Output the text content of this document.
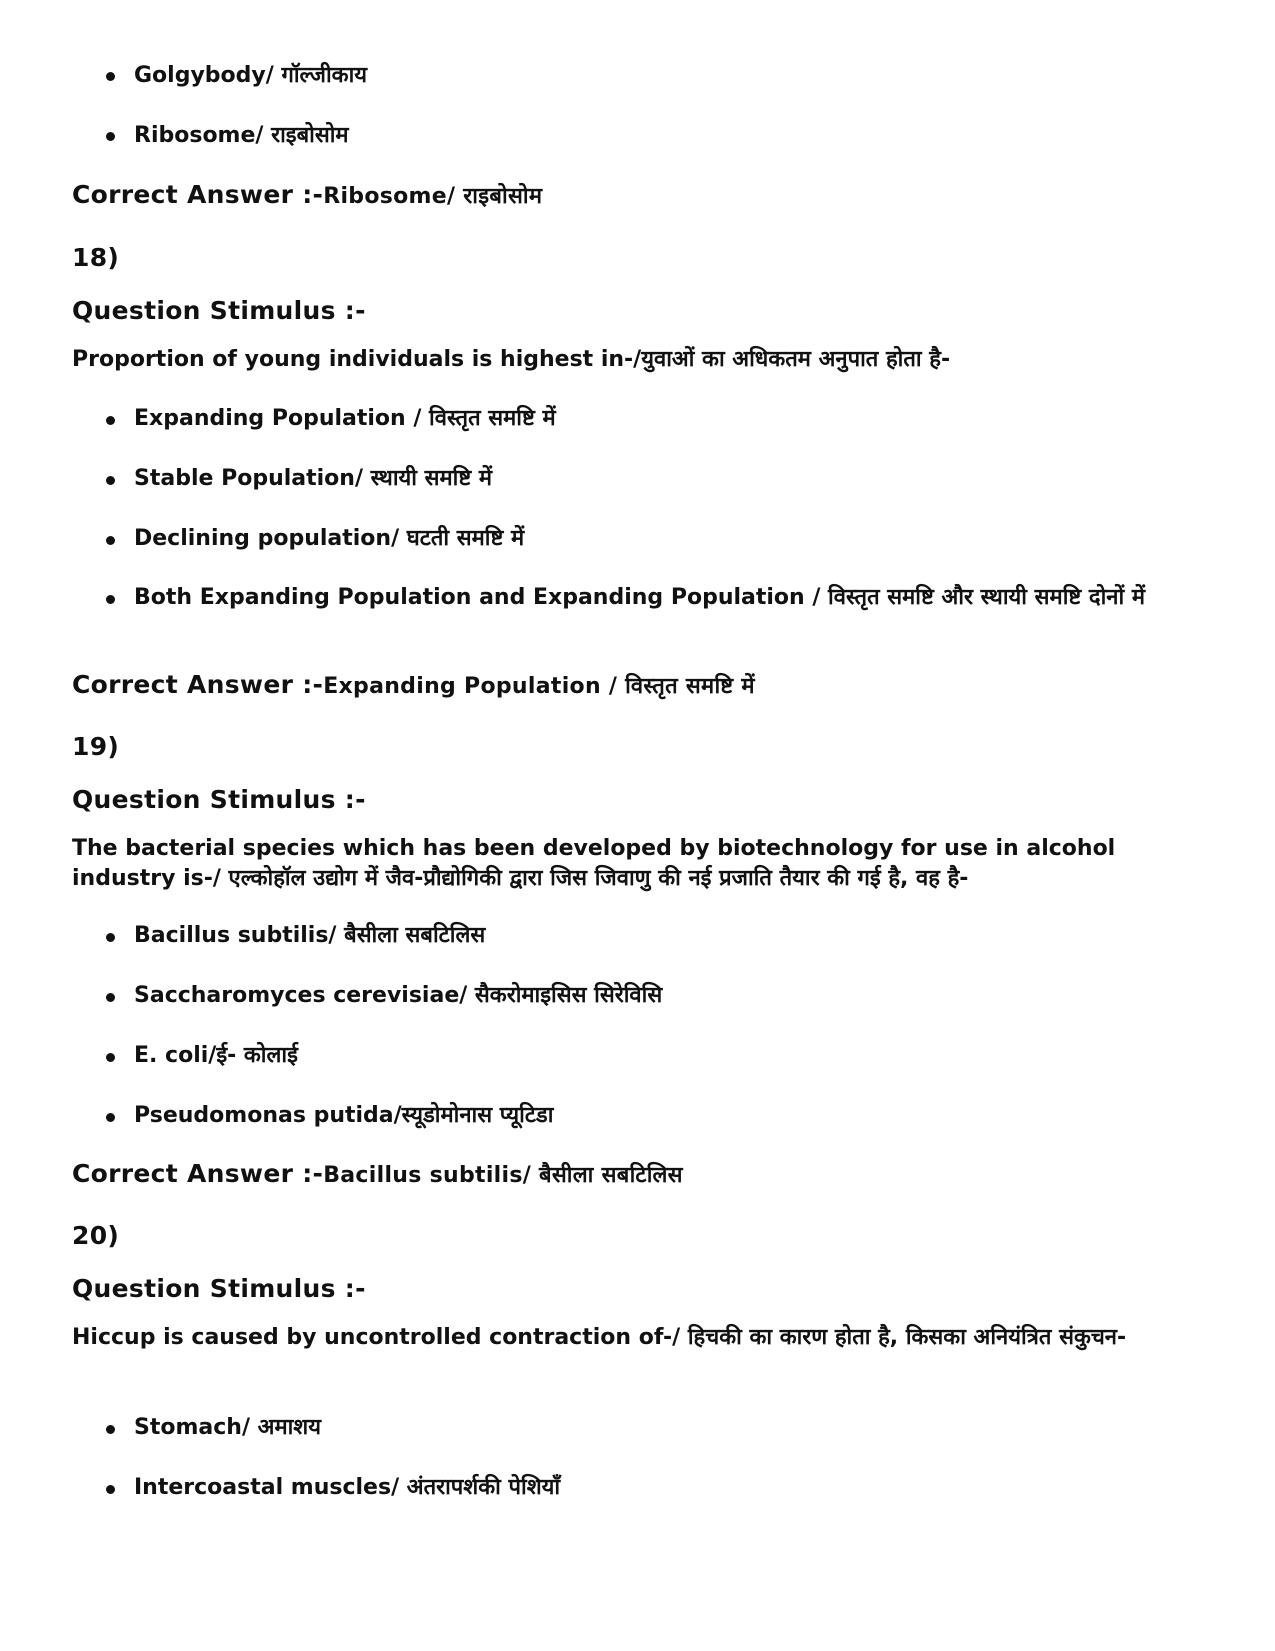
Golgybody/ गॉल्जीकाय
Ribosome/ राइबोसोम
Correct Answer :-Ribosome/ राइबोसोम
18)
Question Stimulus :-
Proportion of young individuals is highest in-/युवाओं का अधिकतम अनुपात होता है-
Expanding Population / विस्तृत समष्टि में
Stable Population/ स्थायी समष्टि में
Declining population/ घटती समष्टि में
Both Expanding Population and Expanding Population / विस्तृत समष्टि और स्थायी समष्टि दोनों में
Correct Answer :-Expanding Population / विस्तृत समष्टि में
19)
Question Stimulus :-
The bacterial species which has been developed by biotechnology for use in alcohol industry is-/ एल्कोहॉल उद्योग में जैव-प्रौद्योगिकी द्वारा जिस जिवाणु की नई प्रजाति तैयार की गई है, वह है-
Bacillus subtilis/ बैसीला सबटिलिस
Saccharomyces cerevisiae/ सैकरोमाइसिस सिरेविसि
E. coli/ई- कोलाई
Pseudomonas putida/स्यूडोमोनास प्यूटिडा
Correct Answer :-Bacillus subtilis/ बैसीला सबटिलिस
20)
Question Stimulus :-
Hiccup is caused by uncontrolled contraction of-/ हिचकी का कारण होता है, किसका अनियंत्रित संकुचन-
Stomach/ अमाशय
Intercoastal muscles/ अंतरापर्शकी पेशियाँ
